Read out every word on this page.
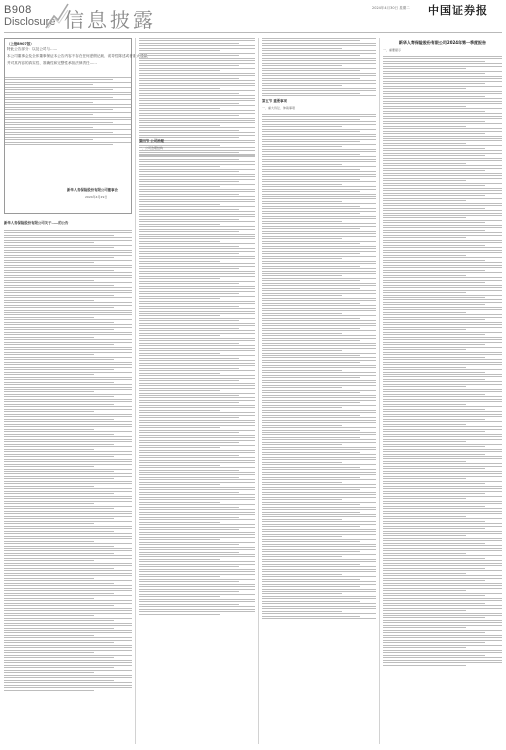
B908
Disclosure 信息披露	2024年4月30日 星期二 中国证券报
（上接B907版）
特此公告部分：以及公司与……
本公司董事会及全体董事保证本公告内容不存在任何虚假记载、误导性陈述或者重大遗漏，
并对其内容的真实性、准确性和完整性承担法律责任……
新华人寿保险股份有限公司董事会
2024年4月29日
新华人寿保险股份有限公司关于……的公告
第四节 公司治理
一、公司治理结构
第五节 重要事项
一、重大诉讼、仲裁事项
新华人寿保险股份有限公司2024年第一季度报告
一、重要提示
